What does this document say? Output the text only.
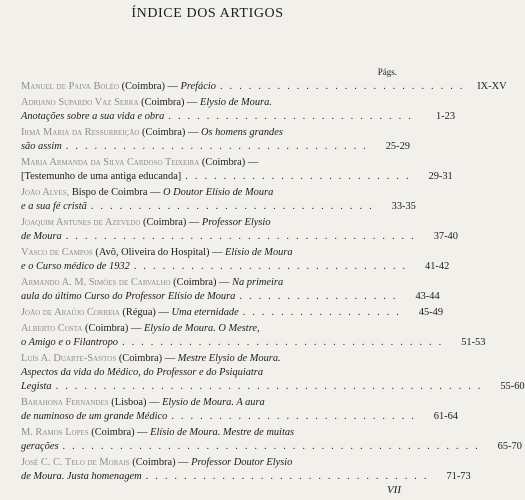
ÍNDICE DOS ARTIGOS
Págs.
Manuel de Paiva Boléo (Coimbra) — Prefácio . . . . . . . . . . . . . . . . . . . . . . . . . .	IX-XV
Adriano Supardo Vaz Serra (Coimbra) — Elysio de Moura.
Anotações sobre a sua vida e obra . . . . . . . . . . . . . . . . . . . . . . . . . .	1-23
Irmã Maria da Ressurreição (Coimbra) — Os homens grandes
são assim . . . . . . . . . . . . . . . . . . . . . . . . . . . . . . . .	25-29
Maria Armanda da Silva Cardoso Teixeira (Coimbra) —
[Testemunho de uma antiga educanda] . . . . . . . . . . . . . . . . . . . . . . . .	29-31
João Alves, Bispo de Coimbra — O Doutor Elísio de Moura
e a sua fé cristã . . . . . . . . . . . . . . . . . . . . . . . . . . . . . .	33-35
Joaquim Antunes de Azevedo (Coimbra) — Professor Elysio
de Moura . . . . . . . . . . . . . . . . . . . . . . . . . . . . . . . . . . . . .	37-40
Vasco de Campos (Avô, Oliveira do Hospital) — Elísio de Moura
e o Curso médico de 1932 . . . . . . . . . . . . . . . . . . . . . . . . . . . . .	41-42
Armando A. M. Simões de Carvalho (Coimbra) — Na primeira
aula do último Curso do Professor Elísio de Moura . . . . . . . . . . . . . . . . .	43-44
João de Araújo Correia (Régua) — Uma eternidade . . . . . . . . . . . . . . . . .	45-49
Alberto Costa (Coimbra) — Elysio de Moura. O Mestre,
o Amigo e o Filantropo . . . . . . . . . . . . . . . . . . . . . . . . . . . . . . . . . .	51-53
Luís A. Duarte-Santos (Coimbra) — Mestre Elysio de Moura.
Aspectos da vida do Médico, do Professor e do Psiquiatra
Legista . . . . . . . . . . . . . . . . . . . . . . . . . . . . . . . . . . . . . . . . . . . . .	55-60
Barahona Fernandes (Lisboa) — Elysio de Moura. A aura
de numinoso de um grande Médico . . . . . . . . . . . . . . . . . . . . . . . . . .	61-64
M. Ramos Lopes (Coimbra) — Elísio de Moura. Mestre de muitas
gerações . . . . . . . . . . . . . . . . . . . . . . . . . . . . . . . . . . . . . . . . . . . .	65-70
José C. C. Telo de Morais (Coimbra) — Professor Doutor Elysio
de Moura. Justa homenagem . . . . . . . . . . . . . . . . . . . . . . . . . . . . . .	71-73
VII
